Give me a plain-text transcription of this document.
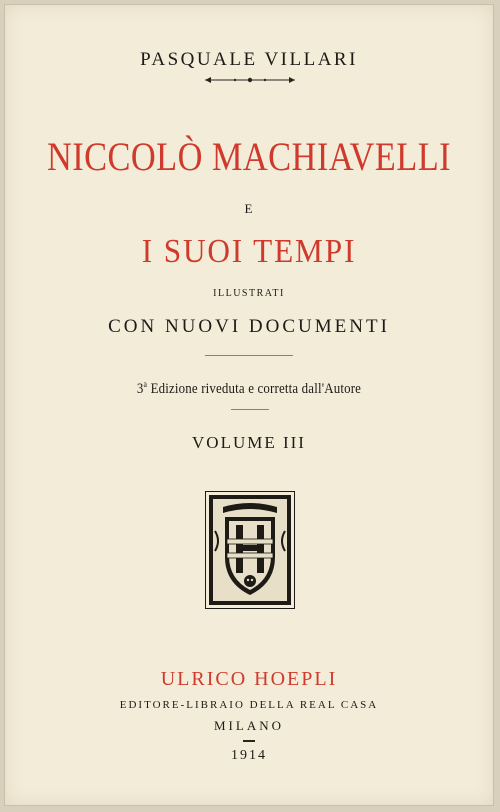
PASQUALE VILLARI
NICCOLÒ MACHIAVELLI
E
I SUOI TEMPI
ILLUSTRATI
CON NUOVI DOCUMENTI
3$^a$ Edizione riveduta e corretta dall'Autore
VOLUME III
ULRICO HOEPLI
EDITORE-LIBRAIO DELLA REAL CASA
MILANO
1914
